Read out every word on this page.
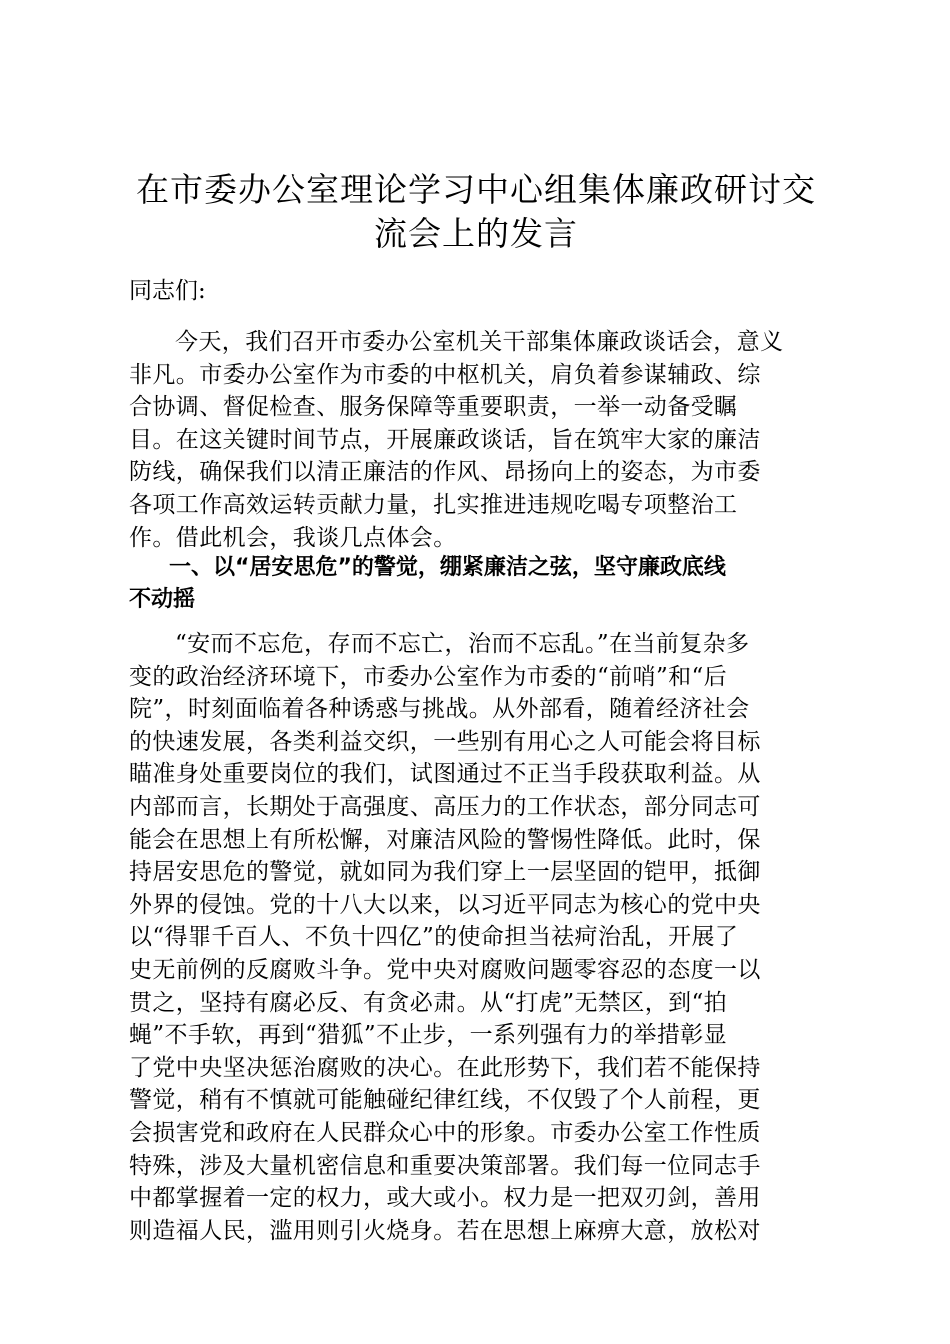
在市委办公室理论学习中心组集体廉政研讨交
流会上的发言

同志们:

今天，我们召开市委办公室机关干部集体廉政谈话会，意义
非凡。市委办公室作为市委的中枢机关，肩负着参谋辅政、综
合协调、督促检查、服务保障等重要职责，一举一动备受瞩
目。在这关键时间节点，开展廉政谈话，旨在筑牢大家的廉洁
防线，确保我们以清正廉洁的作风、昂扬向上的姿态，为市委
各项工作高效运转贡献力量，扎实推进违规吃喝专项整治工
作。借此机会，我谈几点体会。

一、以“居安思危”的警觉，绷紧廉洁之弦，坚守廉政底线
不动摇

“安而不忘危，存而不忘亡，治而不忘乱。”在当前复杂多
变的政治经济环境下，市委办公室作为市委的“前哨”和“后
院”，时刻面临着各种诱惑与挑战。从外部看，随着经济社会
的快速发展，各类利益交织，一些别有用心之人可能会将目标
瞄准身处重要岗位的我们，试图通过不正当手段获取利益。从
内部而言，长期处于高强度、高压力的工作状态，部分同志可
能会在思想上有所松懈，对廉洁风险的警惕性降低。此时，保
持居安思危的警觉，就如同为我们穿上一层坚固的铠甲，抵御
外界的侵蚀。党的十八大以来，以习近平同志为核心的党中央
以“得罪千百人、不负十四亿”的使命担当祛疴治乱，开展了
史无前例的反腐败斗争。党中央对腐败问题零容忍的态度一以
贯之，坚持有腐必反、有贪必肃。从“打虎”无禁区，到“拍
蝇”不手软，再到“猎狐”不止步，一系列强有力的举措彰显
了党中央坚决惩治腐败的决心。在此形势下，我们若不能保持
警觉，稍有不慎就可能触碰纪律红线，不仅毁了个人前程，更
会损害党和政府在人民群众心中的形象。市委办公室工作性质
特殊，涉及大量机密信息和重要决策部署。我们每一位同志手
中都掌握着一定的权力，或大或小。权力是一把双刃剑，善用
则造福人民，滥用则引火烧身。若在思想上麻痹大意，放松对
